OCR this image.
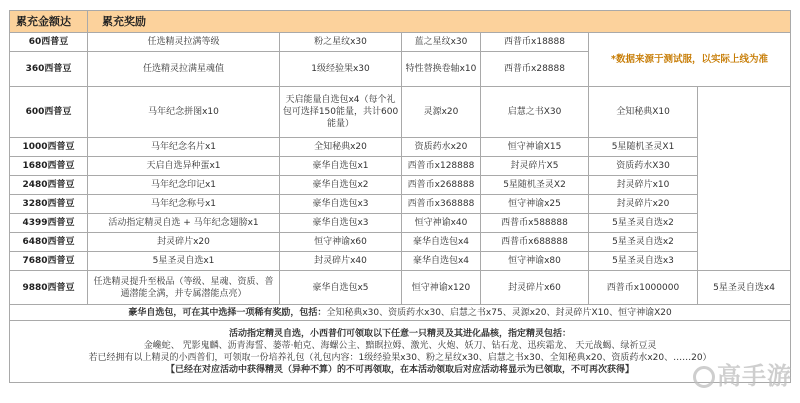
累充金额达	累充奖励					
60西普豆	任选精灵拉满等级	粉之星纹x30	蓝之星纹x30	西普币x18888	*数据来源于测试服，以实际上线为准	
360西普豆	任选精灵拉满星魂值	1级经验果x30	特性替换卷轴x10	西普币x28888		
600西普豆	马年纪念拼图x10	天启能量自选包x4（每个礼包可选择150能量，共计600能量）	灵源x20	启慧之书X30	全知秘典X10	
1000西普豆	马年纪念名片x1	全知秘典x20	资质药水x20	恒守神谕X15	5星随机圣灵X1	
1680西普豆	天启自选异种蛋x1	豪华自选包x1	西普币x128888	封灵碎片X5	资质药水X30	
2480西普豆	马年纪念印记x1	豪华自选包x2	西普币x268888	5星随机圣灵X2	封灵碎片x10	
3280西普豆	马年纪念称号x1	豪华自选包x3	西普币x368888	恒守神谕x25	封灵碎片x20	
4399西普豆	活动指定精灵自选 + 马年纪念翅膀x1	豪华自选包x3	恒守神谕x40	西普币x588888	5星圣灵自选x2	
6480西普豆	封灵碎片x20	恒守神谕x60	豪华自选包x4	西普币x688888	5星圣灵自选x2	
7680西普豆	5星圣灵自选x1	封灵碎片x40	豪华自选包x4	恒守神谕x80	5星圣灵自选x3	
9880西普豆	任选精灵提升至极品（等级、星魂、资质、普通潜能全满，并专属潜能点亮）	豪华自选包x5	恒守神谕x120	封灵碎片x60	西普币x1000000	5星圣灵自选x4
豪华自选包，可在其中选择一项稀有奖励，包括：全知秘典x30、资质药水x30、启慧之书x75、灵源x20、封灵碎片X10、恒守神谕X20						

活动指定精灵自选，小西普们可领取以下任意一只精灵及其进化晶核，指定精灵包括：
金巉蛇、 咒影鬼麟、沥青海誓、蒌蒂·帕克、海螺公主、黯瞑拉姆、激光、火炮、妖刀、钻石龙、迅疾霜龙、 天元战蝎、绿祈豆灵
若已经拥有以上精灵的小西普们，可领取一份培养礼包（礼包内容：1级经验果x30、粉之星纹x30、启慧之书x30、全知秘典x20、资质药水x20、……20）
【已经在对应活动中获得精灵（异种不算）的不可再领取，在本活动领取后对应活动将显示为已领取，不可再次获得】							高手游
